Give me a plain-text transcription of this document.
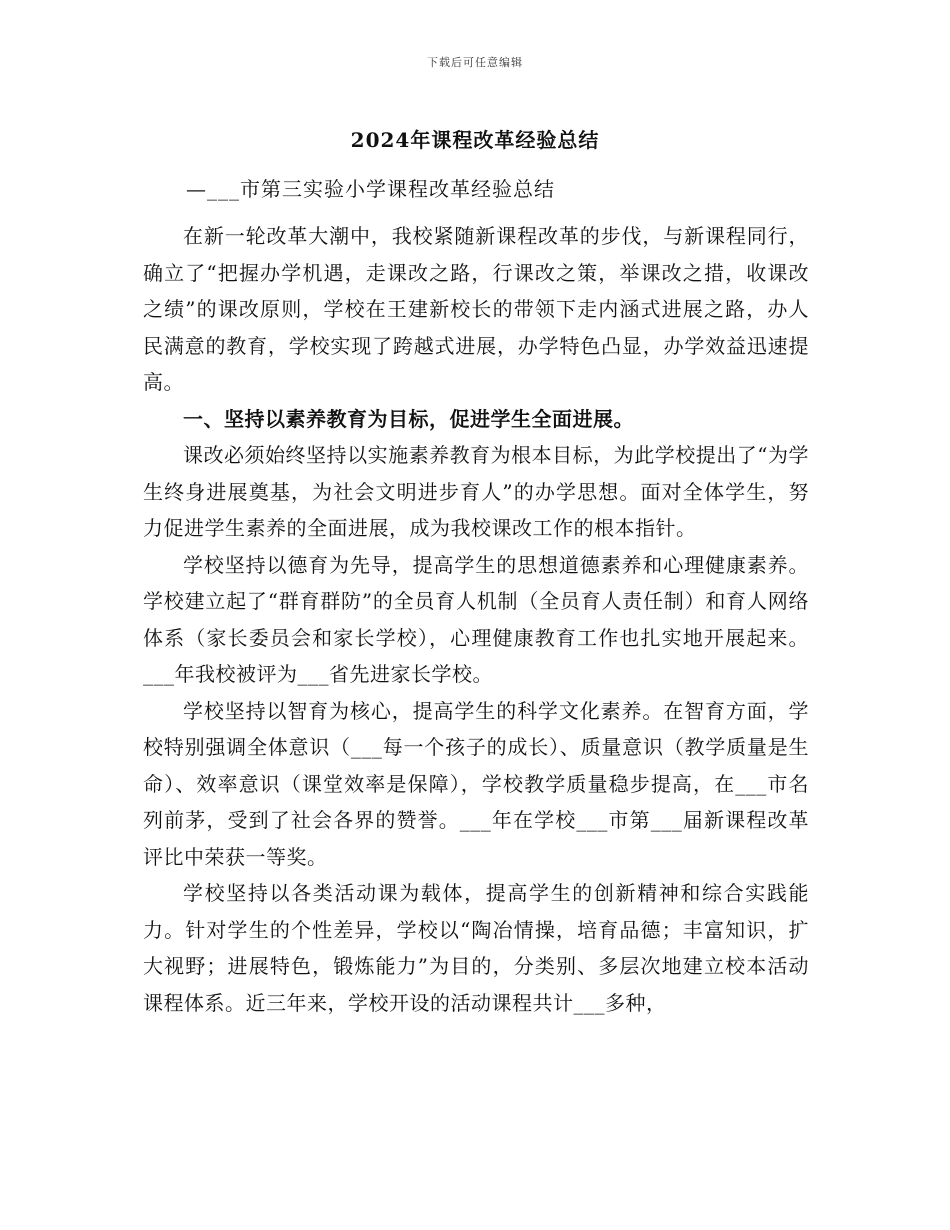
下载后可任意编辑
2024年课程改革经验总结
—___市第三实验小学课程改革经验总结

在新一轮改革大潮中，我校紧随新课程改革的步伐，与新课程同行，确立了“把握办学机遇，走课改之路，行课改之策，举课改之措，收课改之绩”的课改原则，学校在王建新校长的带领下走内涵式进展之路，办人民满意的教育，学校实现了跨越式进展，办学特色凸显，办学效益迅速提高。

一、坚持以素养教育为目标，促进学生全面进展。

课改必须始终坚持以实施素养教育为根本目标，为此学校提出了“为学生终身进展奠基，为社会文明进步育人”的办学思想。面对全体学生，努力促进学生素养的全面进展，成为我校课改工作的根本指针。

学校坚持以德育为先导，提高学生的思想道德素养和心理健康素养。学校建立起了“群育群防”的全员育人机制（全员育人责任制）和育人网络体系（家长委员会和家长学校），心理健康教育工作也扎实地开展起来。___年我校被评为___省先进家长学校。

学校坚持以智育为核心，提高学生的科学文化素养。在智育方面，学校特别强调全体意识（___每一个孩子的成长）、质量意识（教学质量是生命）、效率意识（课堂效率是保障），学校教学质量稳步提高，在___市名列前茅，受到了社会各界的赞誉。___年在学校___市第___届新课程改革评比中荣获一等奖。

学校坚持以各类活动课为载体，提高学生的创新精神和综合实践能力。针对学生的个性差异，学校以“陶冶情操，培育品德；丰富知识，扩大视野；进展特色，锻炼能力”为目的，分类别、多层次地建立校本活动课程体系。近三年来，学校开设的活动课程共计___多种，
